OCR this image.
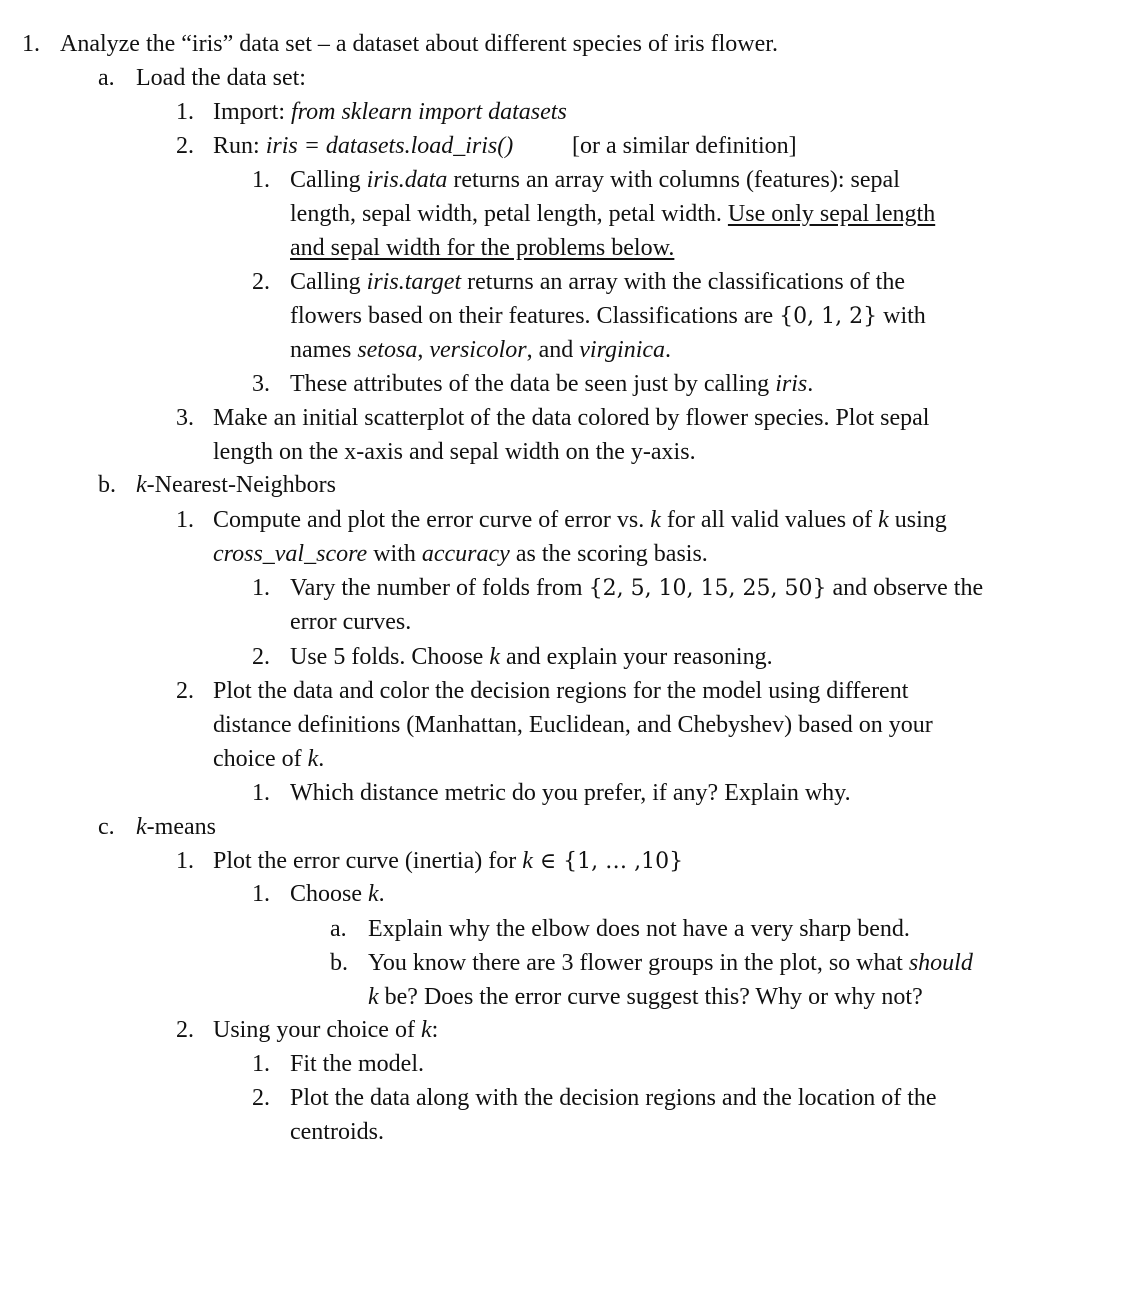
1. Analyze the “iris” data set – a dataset about different species of iris flower.
a. Load the data set:
1. Import: from sklearn import datasets
2. Run: iris = datasets.load_iris() [or a similar definition]
1. Calling iris.data returns an array with columns (features): sepal
length, sepal width, petal length, petal width. Use only sepal length
and sepal width for the problems below.
2. Calling iris.target returns an array with the classifications of the
flowers based on their features. Classifications are {0, 1, 2} with
names setosa, versicolor, and virginica.
3. These attributes of the data be seen just by calling iris.
3. Make an initial scatterplot of the data colored by flower species. Plot sepal
length on the x-axis and sepal width on the y-axis.
b. k-Nearest-Neighbors
1. Compute and plot the error curve of error vs. k for all valid values of k using
cross_val_score with accuracy as the scoring basis.
1. Vary the number of folds from {2, 5, 10, 15, 25, 50} and observe the
error curves.
2. Use 5 folds. Choose k and explain your reasoning.
2. Plot the data and color the decision regions for the model using different
distance definitions (Manhattan, Euclidean, and Chebyshev) based on your
choice of k.
1. Which distance metric do you prefer, if any? Explain why.
c. k-means
1. Plot the error curve (inertia) for k ∈ {1, … ,10}
1. Choose k.
a. Explain why the elbow does not have a very sharp bend.
b. You know there are 3 flower groups in the plot, so what should
k be? Does the error curve suggest this? Why or why not?
2. Using your choice of k:
1. Fit the model.
2. Plot the data along with the decision regions and the location of the
centroids.
